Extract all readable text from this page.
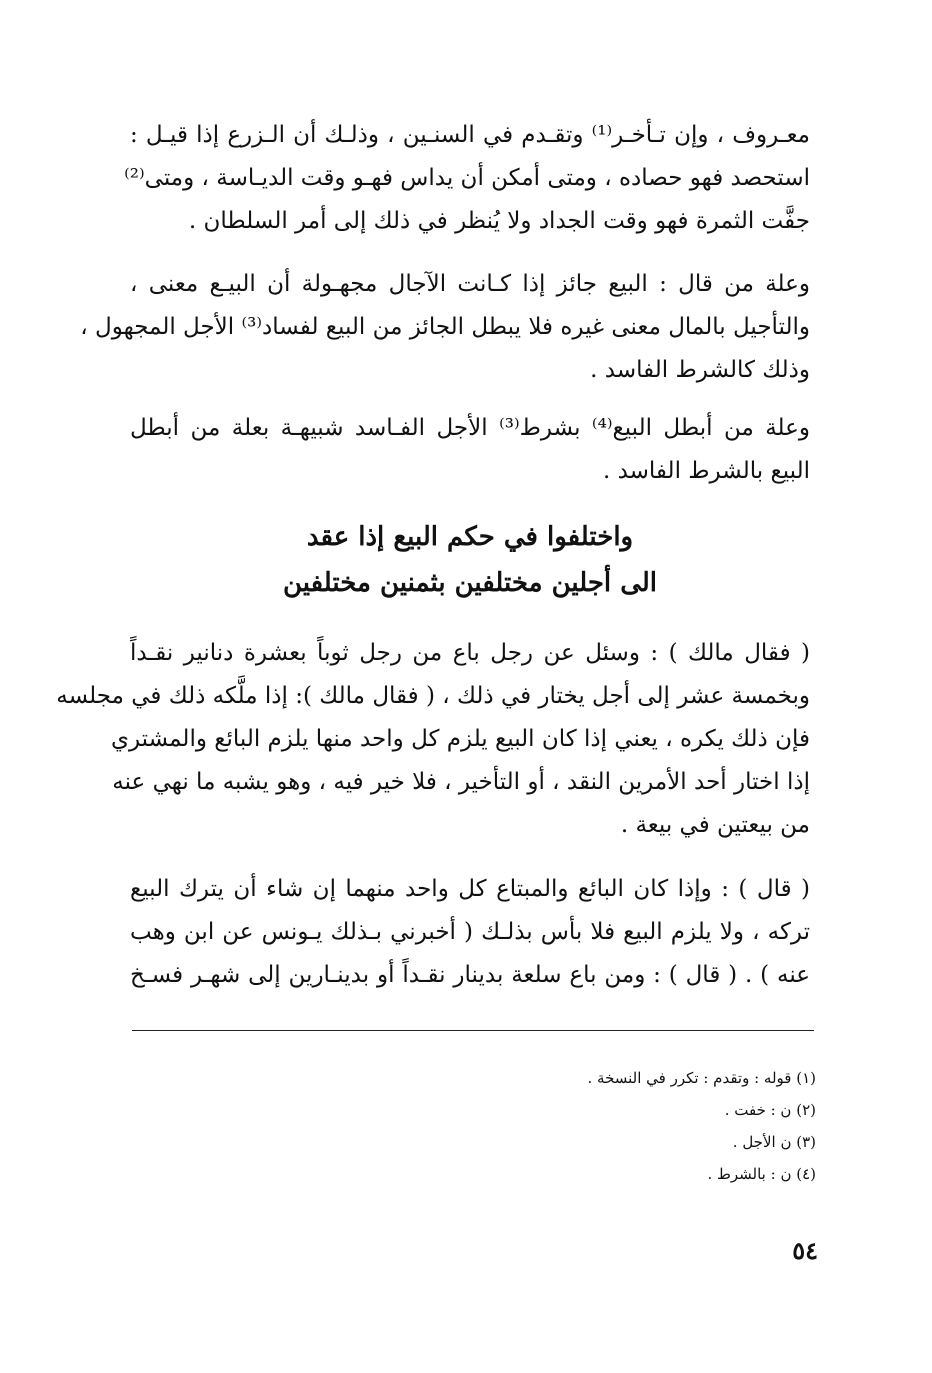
معـروف ، وإن تـأخـر⁽¹⁾ وتقـدم في السنـين ، وذلـك أن الـزرع إذا قيـل :
استحصد فهو حصاده ، ومتى أمكن أن يداس فهـو وقت الديـاسة ، ومتى⁽²⁾
جفَّت الثمرة فهو وقت الجداد ولا يُنظر في ذلك إلى أمر السلطان .
وعلة من قال : البيع جائز إذا كـانت الآجال مجهـولة أن البيـع معنى ،
والتأجيل بالمال معنى غيره فلا يبطل الجائز من البيع لفساد⁽³⁾ الأجل المجهول ،
وذلك كالشرط الفاسد .
وعلة من أبطل البيع⁽⁴⁾ بشرط⁽³⁾ الأجل الفـاسد شبيهـة بعلة من أبطل
البيع بالشرط الفاسد .
واختلفوا في حكم البيع إذا عقد
الى أجلين مختلفين بثمنين مختلفين
( فقال مالك ) : وسئل عن رجل باع من رجل ثوباً بعشرة دنانير نقـداً
وبخمسة عشر إلى أجل يختار في ذلك ، ( فقال مالك ): إذا ملَّكه ذلك في مجلسه
فإن ذلك يكره ، يعني إذا كان البيع يلزم كل واحد منها يلزم البائع والمشتري
إذا اختار أحد الأمرين النقد ، أو التأخير ، فلا خير فيه ، وهو يشبه ما نهي عنه
من بيعتين في بيعة .
( قال ) : وإذا كان البائع والمبتاع كل واحد منهما إن شاء أن يترك البيع
تركه ، ولا يلزم البيع فلا بأس بذلـك ( أخبرني بـذلك يـونس عن ابن وهب
عنه ) . ( قال ) : ومن باع سلعة بدينار نقـداً أو بدينـارين إلى شهـر فسـخ
(١) قوله : وتقدم : تكرر في النسخة .
(٢) ن : خفت .
(٣) ن الأجل .
(٤) ن : بالشرط .
٥٤
